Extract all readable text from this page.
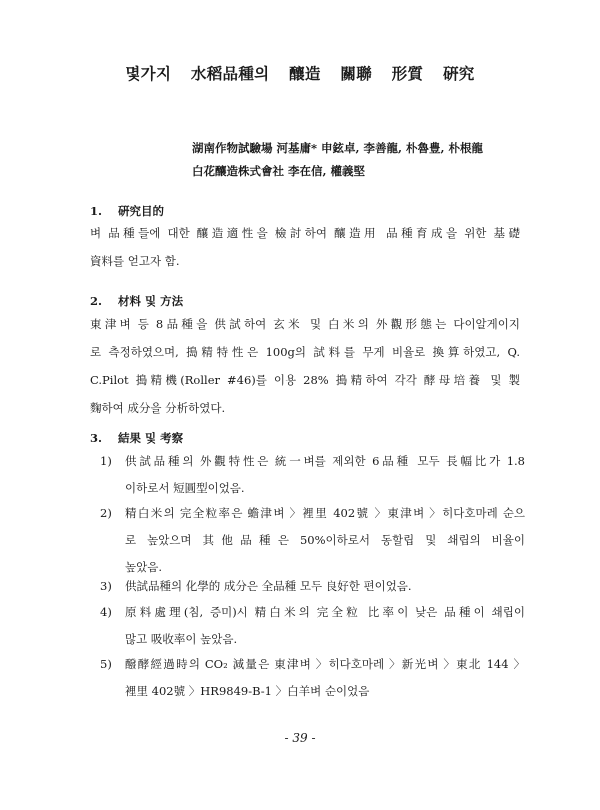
몇가지 水稻品種의 釀造 關聯 形質 硏究
湖南作物試驗場 河基庸* 申鉉卓, 李善龍, 朴魯豊, 朴根龍
白花釀造株式會社 李在信, 權義堅
1. 硏究目的
벼 品種들에 대한 釀造適性을 檢討하여 釀造用 品種育成을 위한 基礎
資料를 얻고자 함.
2. 材料 및 方法
東津벼 등 8品種을 供試하여 玄米 및 白米의 外觀形態는 다이알게이지
로 측정하였으며, 搗精特性은 100g의 試料를 무게 비율로 換算하였고, Q.
C.Pilot 搗精機(Roller #46)를 이용 28% 搗精하여 각각 酵母培養 및 製
麴하여 成分을 分析하였다.
3. 結果 및 考察
1) 供試品種의 外觀特性은 統一벼를 제외한 6品種 모두 長幅比가 1.8
이하로서 短圓型이었음.
2) 精白米의 完全粒率은 蟾津벼 〉裡里 402號 〉東津벼 〉히다호마레 순으
로 높았으며 其他品種은 50%이하로서 동할립 및 쇄립의 비율이
높았음.
3) 供試品種의 化學的 成分은 全品種 모두 良好한 편이었음.
4) 原料處理(침, 증미)시 精白米의 完全粒 比率이 낮은 品種이 쇄립이
많고 吸收率이 높았음.
5) 醱酵經過時의 CO₂ 減量은 東津벼 〉히다호마레 〉新光벼 〉東北 144 〉
裡里 402號 〉HR9849-B-1 〉白羊벼 순이었음
- 39 -
